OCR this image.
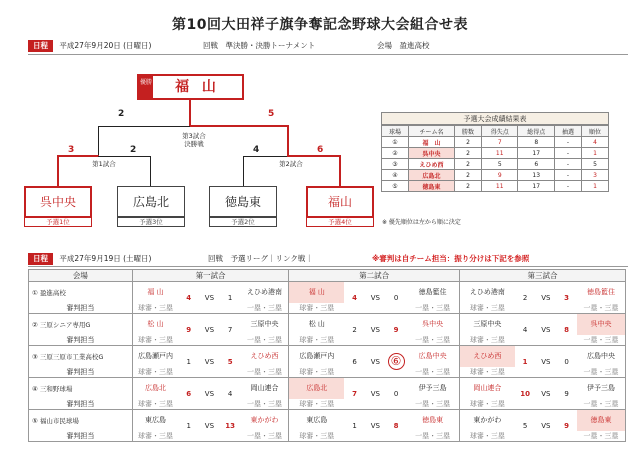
第10回大田祥子旗争奪記念野球大会組合せ表
日程 平成27年9月20日 (日曜日)	回戦　準決勝・決勝トーナメント	会場　盈進高校
優勝	福 山
2	5
第3試合
決勝戦
3	2
第1試合
4	6
第2試合
呉中央
予選1位
広島北
予選3位
徳島東
予選2位
福山
予選4位
予選大会成績結果表
球場	チーム名	勝数	得失点	総得点	抽選	順位
①	福　山	2	7	8	-	4
②	呉中央	2	11	17	-	1
③	えひめ西	2	5	6	-	5
④	広島北	2	9	13	-	3
⑤	徳島東	2	11	17	-	1
※ 優先順位は左から順に決定
日程 平成27年9月19日 (土曜日)	回戦　予選リーグ｜リンク戦｜	※審判は自チーム担当：振り分けは下記を参照
会場	第一試合					第二試合					第三試合				
① 盈進高校	福 山	4	VS	1	えひめ港南	福 山	4	VS	0	徳島籃住	えひめ港南	2	VS	3	徳島籃住
審判担当	球審・三塁				一塁・三塁	球審・三塁				一塁・三塁	球審・三塁				一塁・三塁
② 三原シニア専用G	松 山	9	VS	7	三原中央	松 山	2	VS	9	呉中央	三原中央	4	VS	8	呉中央
審判担当	球審・三塁				一塁・三塁	球審・三塁				一塁・三塁	球審・三塁				一塁・三塁
③ 三原三原市工業高校G	広島瀬戸内	1	VS	5	えひめ西	広島瀬戸内	6	VS	⑥	広島中央	えひめ西	1	VS	0	広島中央
審判担当	球審・三塁				一塁・三塁	球審・三塁				一塁・三塁	球審・三塁				一塁・三塁
④ 三和野球場	広島北	6	VS	4	岡山連合	広島北	7	VS	0	伊予三島	岡山連合	10	VS	9	伊予三島
審判担当	球審・三塁				一塁・三塁	球審・三塁				一塁・三塁	球審・三塁				一塁・三塁
⑤ 福山市民球場	東広島	1	VS	13	東かがわ	東広島	1	VS	8	徳島東	東かがわ	5	VS	9	徳島東
審判担当	球審・三塁				一塁・三塁	球審・三塁				一塁・三塁	球審・三塁				一塁・三塁
